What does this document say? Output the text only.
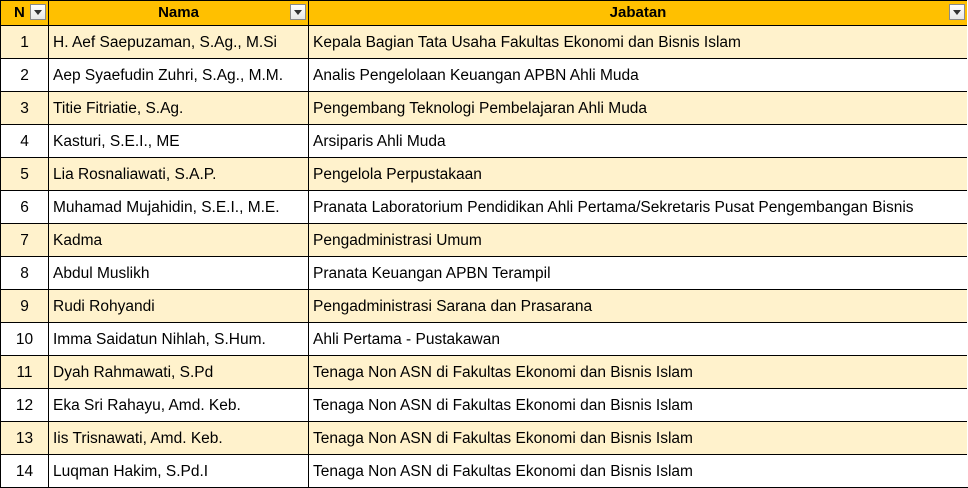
N	Nama	Jabatan

1	H. Aef Saepuzaman, S.Ag., M.Si	Kepala Bagian Tata Usaha Fakultas Ekonomi dan Bisnis Islam
2	Aep Syaefudin Zuhri, S.Ag., M.M.	Analis Pengelolaan Keuangan APBN Ahli Muda
3	Titie Fitriatie, S.Ag.	Pengembang Teknologi Pembelajaran Ahli Muda
4	Kasturi, S.E.I., ME	Arsiparis Ahli Muda
5	Lia Rosnaliawati, S.A.P.	Pengelola Perpustakaan
6	Muhamad Mujahidin, S.E.I., M.E.	Pranata Laboratorium Pendidikan Ahli Pertama/Sekretaris Pusat Pengembangan Bisnis
7	Kadma	Pengadministrasi Umum
8	Abdul Muslikh	Pranata Keuangan APBN Terampil
9	Rudi Rohyandi	Pengadministrasi Sarana dan Prasarana
10	Imma Saidatun Nihlah, S.Hum.	Ahli Pertama - Pustakawan
11	Dyah Rahmawati, S.Pd	Tenaga Non ASN di Fakultas Ekonomi dan Bisnis Islam
12	Eka Sri Rahayu, Amd. Keb.	Tenaga Non ASN di Fakultas Ekonomi dan Bisnis Islam
13	Iis Trisnawati, Amd. Keb.	Tenaga Non ASN di Fakultas Ekonomi dan Bisnis Islam
14	Luqman Hakim, S.Pd.I	Tenaga Non ASN di Fakultas Ekonomi dan Bisnis Islam
